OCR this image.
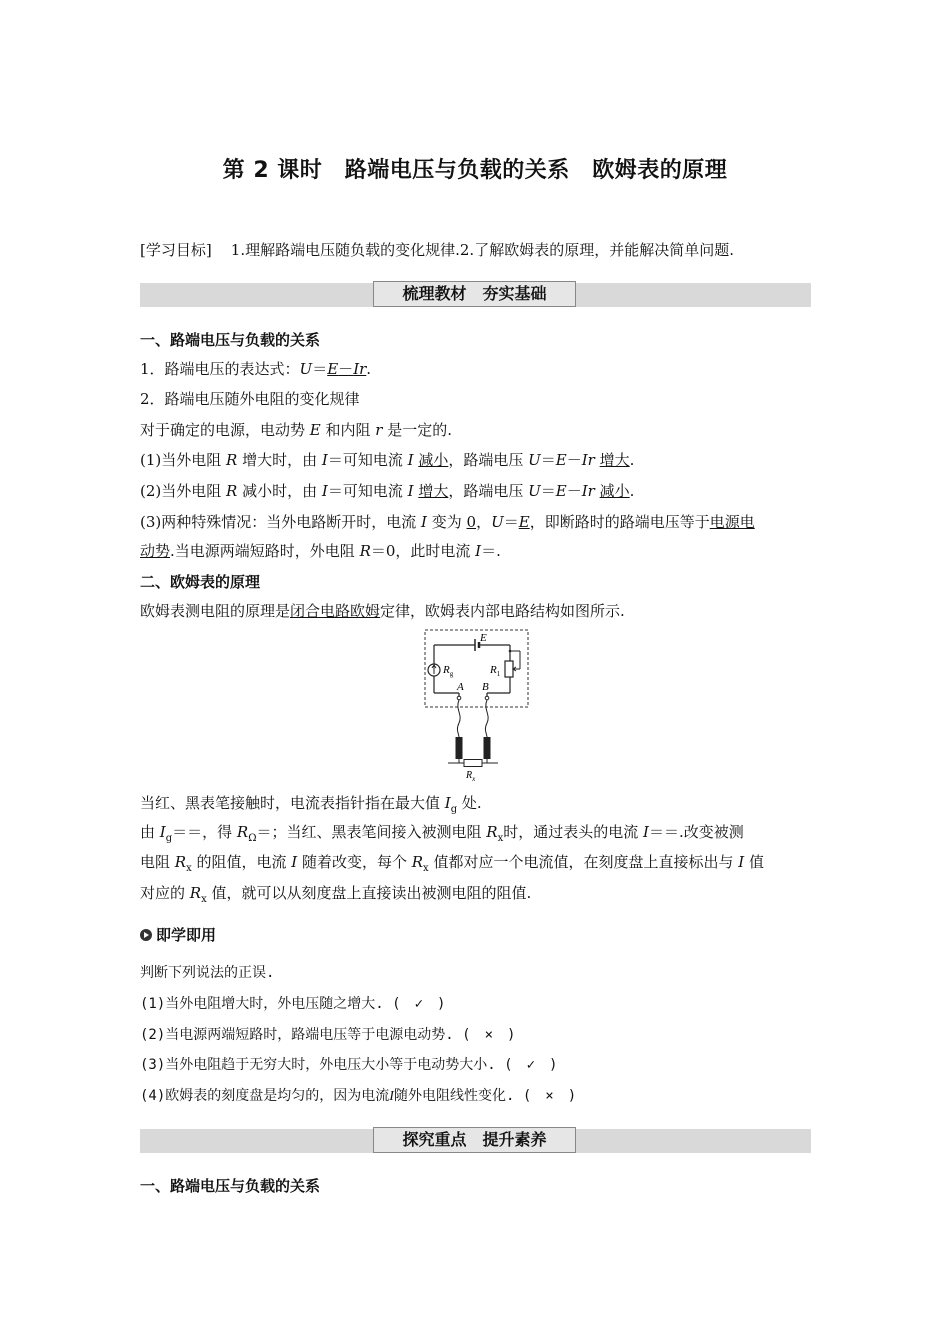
第 2 课时　路端电压与负载的关系　欧姆表的原理
[学习目标] 1.理解路端电压随负载的变化规律.2.了解欧姆表的原理，并能解决简单问题.
梳理教材　夯实基础
一、路端电压与负载的关系
1．路端电压的表达式：U＝E－Ir.
2．路端电压随外电阻的变化规律
对于确定的电源，电动势 E 和内阻 r 是一定的.
(1)当外电阻 R 增大时，由 I＝可知电流 I 减小，路端电压 U＝E－Ir 增大.
(2)当外电阻 R 减小时，由 I＝可知电流 I 增大，路端电压 U＝E－Ir 减小.
(3)两种特殊情况：当外电路断开时，电流 I 变为 0，U＝E，即断路时的路端电压等于电源电
动势.当电源两端短路时，外电阻 R＝0，此时电流 I＝.
二、欧姆表的原理
欧姆表测电阻的原理是闭合电路欧姆定律，欧姆表内部电路结构如图所示.
E
$R_g$	$R_1$
A B
$R_x$
当红、黑表笔接触时，电流表指针指在最大值 $I_g$ 处.
由 $I_g==$，得 $R_\Omega=$；当红、黑表笔间接入被测电阻 $R_x$时，通过表头的电流 I＝＝.改变被测
电阻 $R_x$ 的阻值，电流 I 随着改变，每个 $R_x$ 值都对应一个电流值，在刻度盘上直接标出与 I 值
对应的 $R_x$ 值，就可以从刻度盘上直接读出被测电阻的阻值.
即学即用
判断下列说法的正误.
(1)当外电阻增大时，外电压随之增大. (　✓　)
(2)当电源两端短路时，路端电压等于电源电动势. (　×　)
(3)当外电阻趋于无穷大时，外电压大小等于电动势大小. (　✓　)
(4)欧姆表的刻度盘是均匀的，因为电流I随外电阻线性变化. (　×　)
探究重点　提升素养
一、路端电压与负载的关系
